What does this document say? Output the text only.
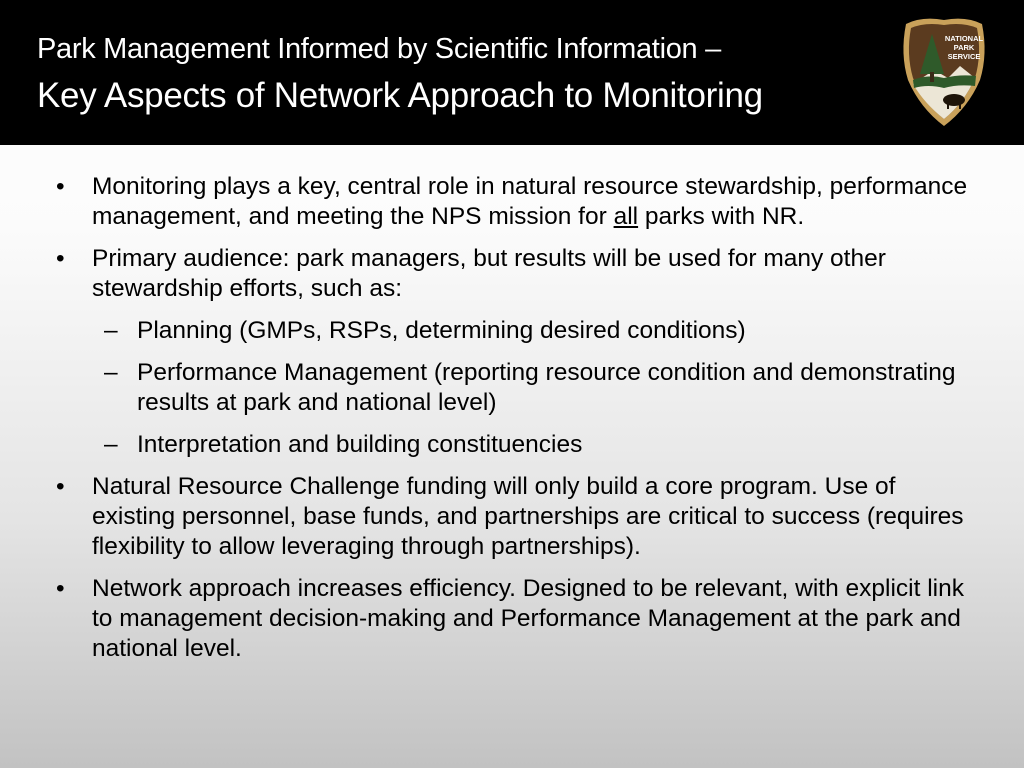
Park Management Informed by Scientific Information –
Key Aspects of Network Approach to Monitoring
NATIONAL
PARK
SERVICE
• Monitoring plays a key, central role in natural resource stewardship, performance management, and meeting the NPS mission for all parks with NR.
• Primary audience: park managers, but results will be used for many other stewardship efforts, such as:
– Planning (GMPs, RSPs, determining desired conditions)
– Performance Management (reporting resource condition and demonstrating results at park and national level)
– Interpretation and building constituencies
• Natural Resource Challenge funding will only build a core program. Use of existing personnel, base funds, and partnerships are critical to success (requires flexibility to allow leveraging through partnerships).
• Network approach increases efficiency. Designed to be relevant, with explicit link to management decision-making and Performance Management at the park and national level.
